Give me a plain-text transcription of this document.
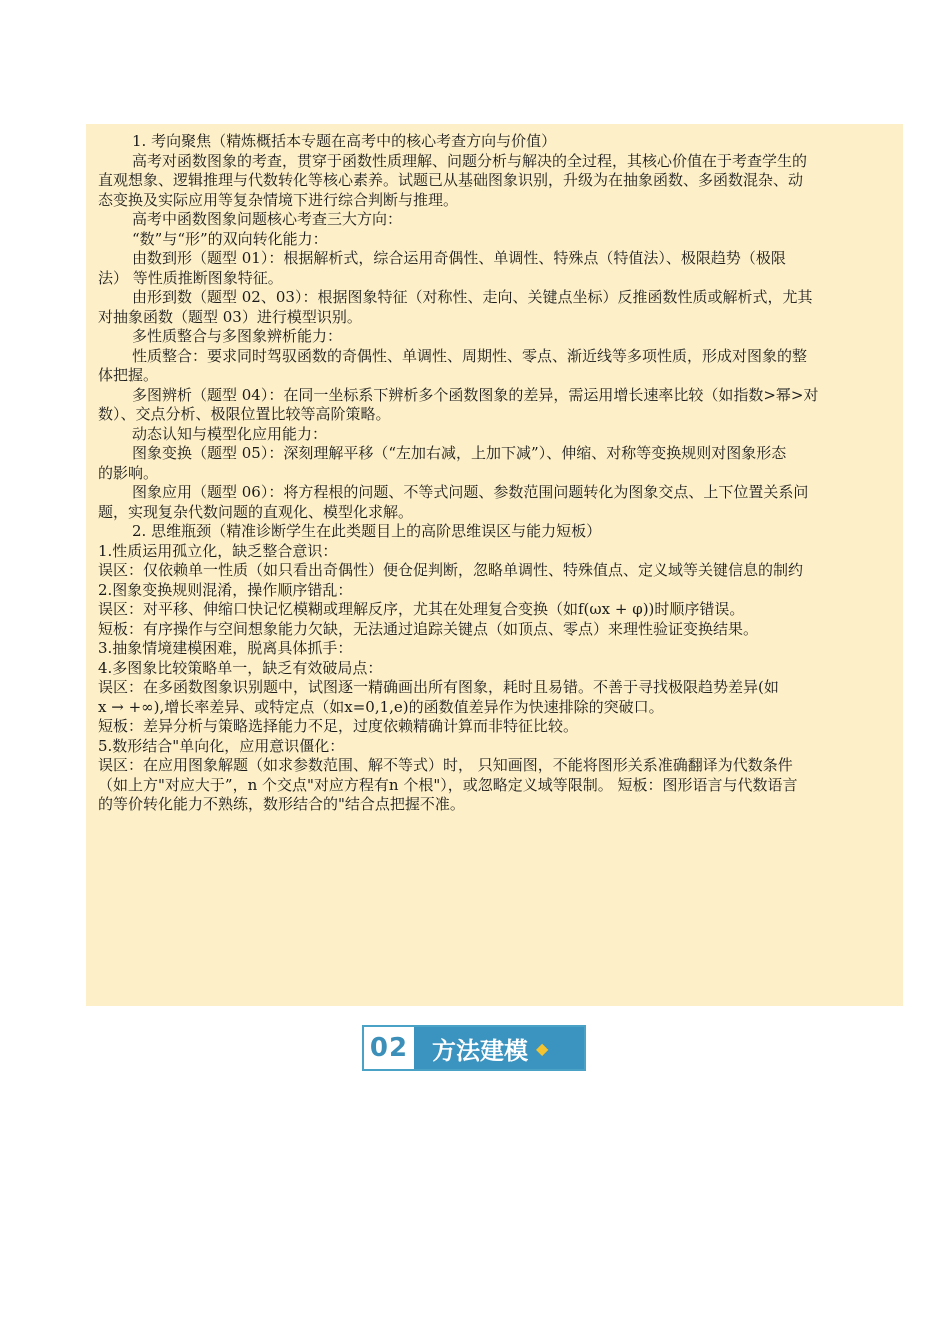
1. 考向聚焦（精炼概括本专题在高考中的核心考查方向与价值）
高考对函数图象的考查，贯穿于函数性质理解、问题分析与解决的全过程，其核心价值在于考查学生的
直观想象、逻辑推理与代数转化等核心素养。试题已从基础图象识别，升级为在抽象函数、多函数混杂、动
态变换及实际应用等复杂情境下进行综合判断与推理。
高考中函数图象问题核心考查三大方向：
“数”与“形”的双向转化能力：
由数到形（题型 01）：根据解析式，综合运用奇偶性、单调性、特殊点（特值法）、极限趋势（极限
法） 等性质推断图象特征。
由形到数（题型 02、03）：根据图象特征（对称性、走向、关键点坐标）反推函数性质或解析式，尤其
对抽象函数（题型 03）进行模型识别。
多性质整合与多图象辨析能力：
性质整合：要求同时驾驭函数的奇偶性、单调性、周期性、零点、渐近线等多项性质，形成对图象的整
体把握。
多图辨析（题型 04）：在同一坐标系下辨析多个函数图象的差异，需运用增长速率比较（如指数>幂>对
数）、交点分析、极限位置比较等高阶策略。
动态认知与模型化应用能力：
图象变换（题型 05）：深刻理解平移（“左加右减，上加下减”）、伸缩、对称等变换规则对图象形态
的影响。
图象应用（题型 06）：将方程根的问题、不等式问题、参数范围问题转化为图象交点、上下位置关系问
题，实现复杂代数问题的直观化、模型化求解。
2. 思维瓶颈（精准诊断学生在此类题目上的高阶思维误区与能力短板）
1.性质运用孤立化，缺乏整合意识：
误区：仅依赖单一性质（如只看出奇偶性）便仓促判断，忽略单调性、特殊值点、定义域等关键信息的制约
2.图象变换规则混淆，操作顺序错乱：
误区：对平移、伸缩口快记忆模糊或理解反序，尤其在处理复合变换（如f(ωx + φ))时顺序错误。
短板：有序操作与空间想象能力欠缺，无法通过追踪关键点（如顶点、零点）来理性验证变换结果。
3.抽象情境建模困难，脱离具体抓手：
4.多图象比较策略单一，缺乏有效破局点：
误区：在多函数图象识别题中，试图逐一精确画出所有图象，耗时且易错。不善于寻找极限趋势差异(如
x → +∞),增长率差异、或特定点（如x=0,1,e)的函数值差异作为快速排除的突破口。
短板：差异分析与策略选择能力不足，过度依赖精确计算而非特征比较。
5.数形结合"单向化，应用意识僵化：
误区：在应用图象解题（如求参数范围、解不等式）时， 只知画图，不能将图形关系准确翻译为代数条件
（如上方"对应大于”，n 个交点"对应方程有n 个根"），或忽略定义域等限制。 短板：图形语言与代数语言
的等价转化能力不熟练，数形结合的"结合点把握不准。
02 方法建模 ◆
